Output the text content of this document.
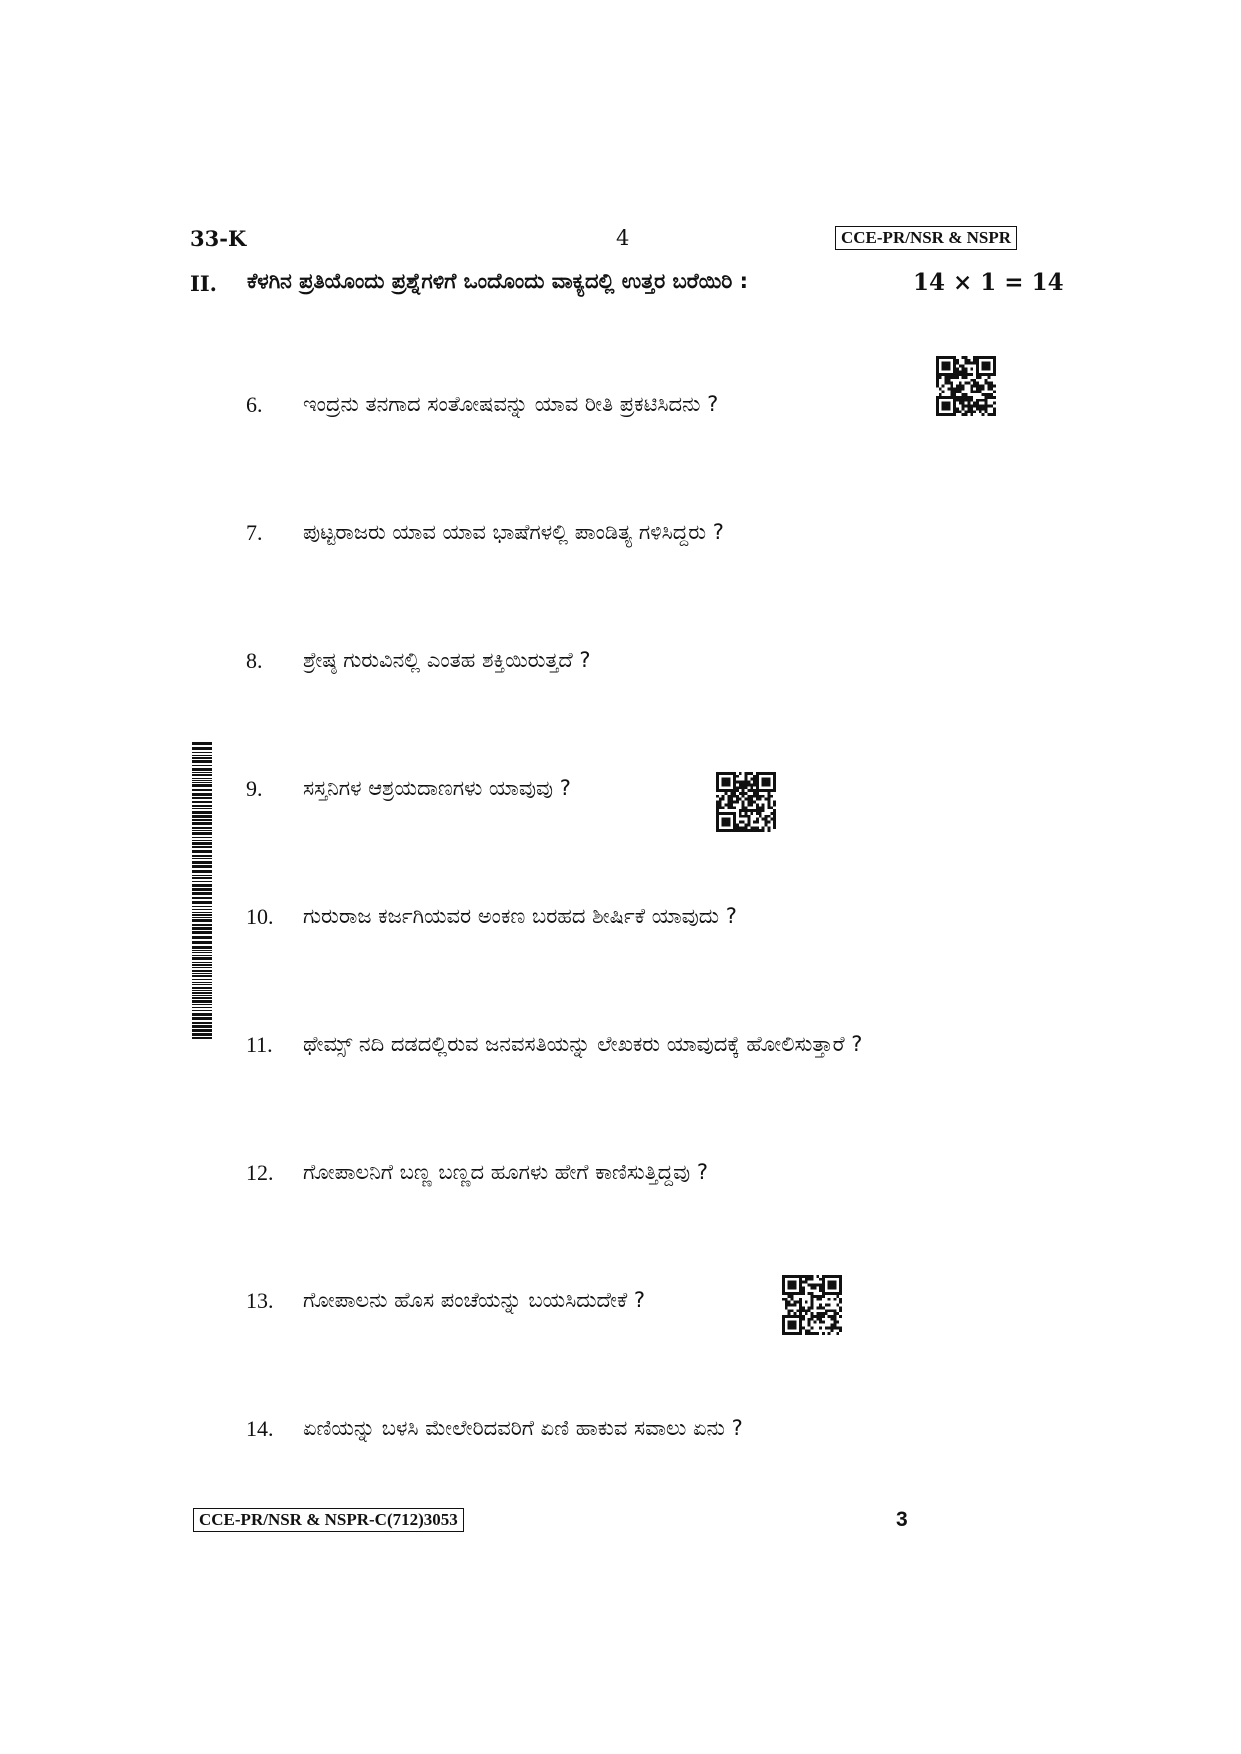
33-K	4	CCE-PR/NSR & NSPR
II. ಕೆಳಗಿನ ಪ್ರತಿಯೊಂದು ಪ್ರಶ್ನೆಗಳಿಗೆ ಒಂದೊಂದು ವಾಕ್ಯದಲ್ಲಿ ಉತ್ತರ ಬರೆಯಿರಿ :	14 × 1 = 14
6. ಇಂದ್ರನು ತನಗಾದ ಸಂತೋಷವನ್ನು ಯಾವ ರೀತಿ ಪ್ರಕಟಿಸಿದನು ?
7. ಪುಟ್ಟರಾಜರು ಯಾವ ಯಾವ ಭಾಷೆಗಳಲ್ಲಿ ಪಾಂಡಿತ್ಯ ಗಳಿಸಿದ್ದರು ?
8. ಶ್ರೇಷ್ಠ ಗುರುವಿನಲ್ಲಿ ಎಂತಹ ಶಕ್ತಿಯಿರುತ್ತದೆ ?
9. ಸಸ್ತನಿಗಳ ಆಶ್ರಯದಾಣಗಳು ಯಾವುವು ?
10. ಗುರುರಾಜ ಕರ್ಜಗಿಯವರ ಅಂಕಣ ಬರಹದ ಶೀರ್ಷಿಕೆ ಯಾವುದು ?
11. ಥೇಮ್ಸ್ ನದಿ ದಡದಲ್ಲಿರುವ ಜನವಸತಿಯನ್ನು ಲೇಖಕರು ಯಾವುದಕ್ಕೆ ಹೋಲಿಸುತ್ತಾರೆ ?
12. ಗೋಪಾಲನಿಗೆ ಬಣ್ಣ ಬಣ್ಣದ ಹೂಗಳು ಹೇಗೆ ಕಾಣಿಸುತ್ತಿದ್ದವು ?
13. ಗೋಪಾಲನು ಹೊಸ ಪಂಚೆಯನ್ನು ಬಯಸಿದುದೇಕೆ ?
14. ಏಣಿಯನ್ನು ಬಳಸಿ ಮೇಲೇರಿದವರಿಗೆ ಏಣಿ ಹಾಕುವ ಸವಾಲು ಏನು ?
CCE-PR/NSR & NSPR-C(712)3053	3
